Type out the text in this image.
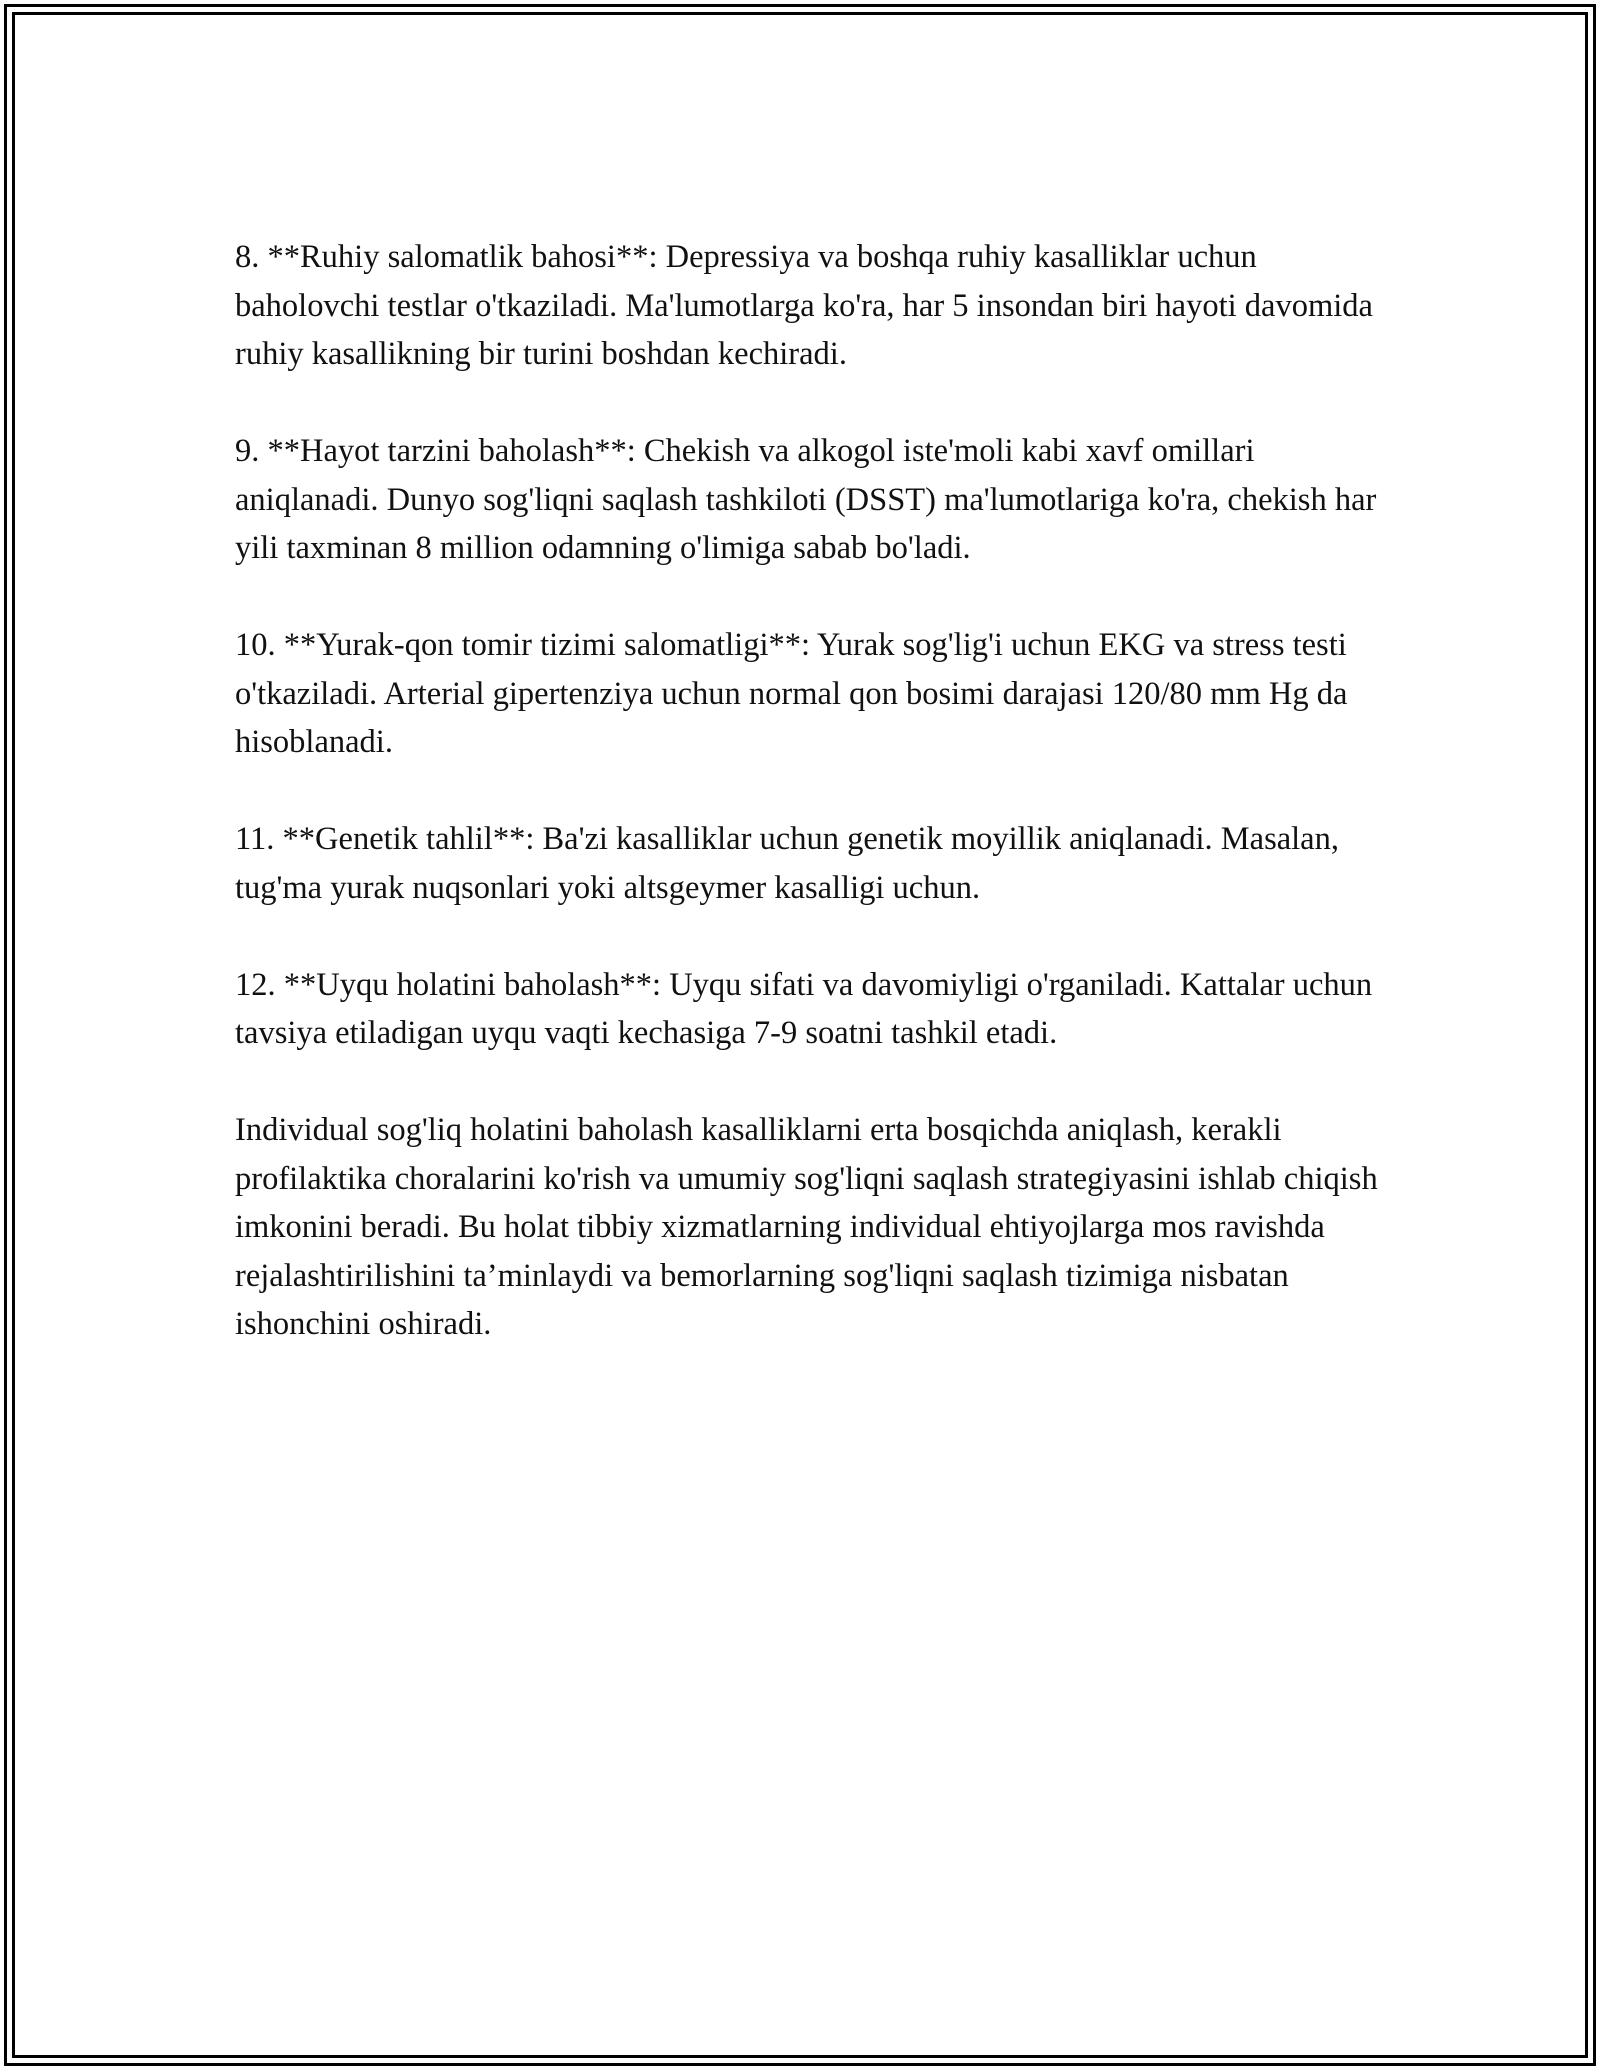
8. **Ruhiy salomatlik bahosi**: Depressiya va boshqa ruhiy kasalliklar uchun baholovchi testlar o'tkaziladi. Ma'lumotlarga ko'ra, har 5 insondan biri hayoti davomida ruhiy kasallikning bir turini boshdan kechiradi.

9. **Hayot tarzini baholash**: Chekish va alkogol iste'moli kabi xavf omillari aniqlanadi. Dunyo sog'liqni saqlash tashkiloti (DSST) ma'lumotlariga ko'ra, chekish har yili taxminan 8 million odamning o'limiga sabab bo'ladi.

10. **Yurak-qon tomir tizimi salomatligi**: Yurak sog'lig'i uchun EKG va stress testi o'tkaziladi. Arterial gipertenziya uchun normal qon bosimi darajasi 120/80 mm Hg da hisoblanadi.

11. **Genetik tahlil**: Ba'zi kasalliklar uchun genetik moyillik aniqlanadi. Masalan, tug'ma yurak nuqsonlari yoki altsgeymer kasalligi uchun.

12. **Uyqu holatini baholash**: Uyqu sifati va davomiyligi o'rganiladi. Kattalar uchun tavsiya etiladigan uyqu vaqti kechasiga 7-9 soatni tashkil etadi.

Individual sog'liq holatini baholash kasalliklarni erta bosqichda aniqlash, kerakli profilaktika choralarini ko'rish va umumiy sog'liqni saqlash strategiyasini ishlab chiqish imkonini beradi. Bu holat tibbiy xizmatlarning individual ehtiyojlarga mos ravishda rejalashtirilishini ta’minlaydi va bemorlarning sog'liqni saqlash tizimiga nisbatan ishonchini oshiradi.
